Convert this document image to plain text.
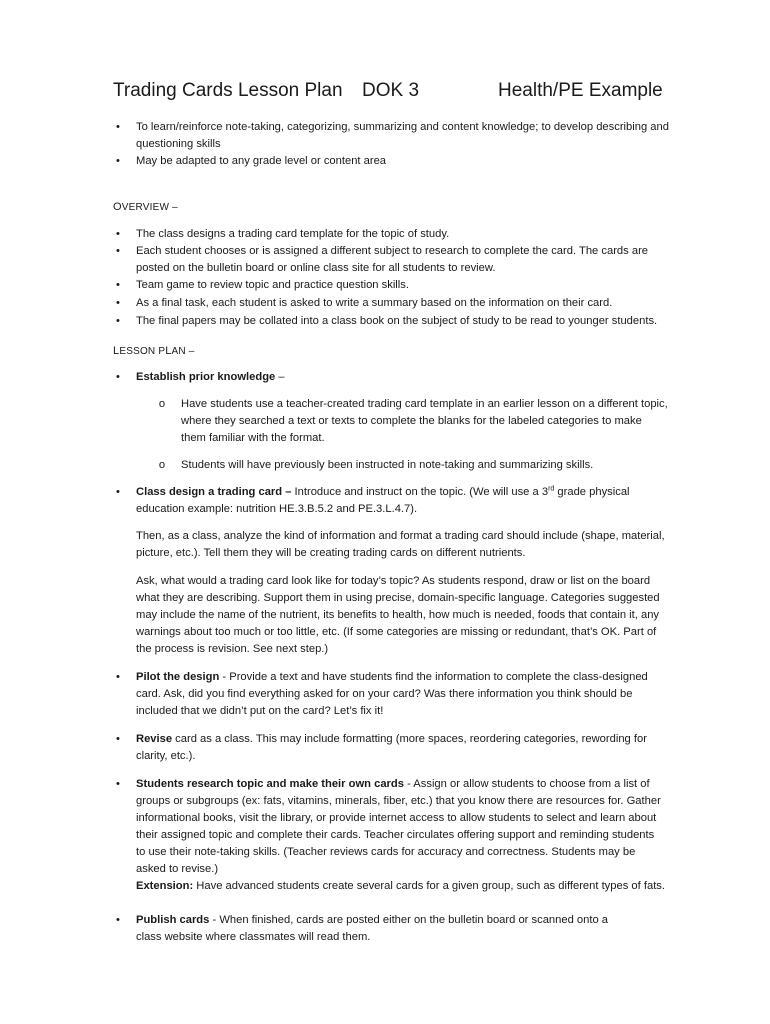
Trading Cards Lesson Plan DOK 3	Health/PE Example
•	To learn/reinforce note-taking, categorizing, summarizing and content knowledge; to develop describing and questioning skills
•	May be adapted to any grade level or content area
OVERVIEW –
•	The class designs a trading card template for the topic of study.
•	Each student chooses or is assigned a different subject to research to complete the card. The cards are posted on the bulletin board or online class site for all students to review.
•	Team game to review topic and practice question skills.
•	As a final task, each student is asked to write a summary based on the information on their card.
•	The final papers may be collated into a class book on the subject of study to be read to younger students.
LESSON PLAN –
•	Establish prior knowledge –
o	Have students use a teacher-created trading card template in an earlier lesson on a different topic, where they searched a text or texts to complete the blanks for the labeled categories to make them familiar with the format.
o	Students will have previously been instructed in note-taking and summarizing skills.
•	Class design a trading card – Introduce and instruct on the topic. (We will use a 3rd grade physical education example: nutrition HE.3.B.5.2 and PE.3.L.4.7).
Then, as a class, analyze the kind of information and format a trading card should include (shape, material, picture, etc.). Tell them they will be creating trading cards on different nutrients.
Ask, what would a trading card look like for today’s topic? As students respond, draw or list on the board what they are describing. Support them in using precise, domain-specific language. Categories suggested may include the name of the nutrient, its benefits to health, how much is needed, foods that contain it, any warnings about too much or too little, etc. (If some categories are missing or redundant, that’s OK. Part of the process is revision. See next step.)
•	Pilot the design - Provide a text and have students find the information to complete the class-designed card. Ask, did you find everything asked for on your card? Was there information you think should be included that we didn’t put on the card? Let’s fix it!
•	Revise card as a class. This may include formatting (more spaces, reordering categories, rewording for clarity, etc.).
•	Students research topic and make their own cards - Assign or allow students to choose from a list of groups or subgroups (ex: fats, vitamins, minerals, fiber, etc.) that you know there are resources for. Gather informational books, visit the library, or provide internet access to allow students to select and learn about their assigned topic and complete their cards. Teacher circulates offering support and reminding students to use their note-taking skills. (Teacher reviews cards for accuracy and correctness. Students may be asked to revise.)
Extension: Have advanced students create several cards for a given group, such as different types of fats.
•	Publish cards - When finished, cards are posted either on the bulletin board or scanned onto a class website where classmates will read them.
